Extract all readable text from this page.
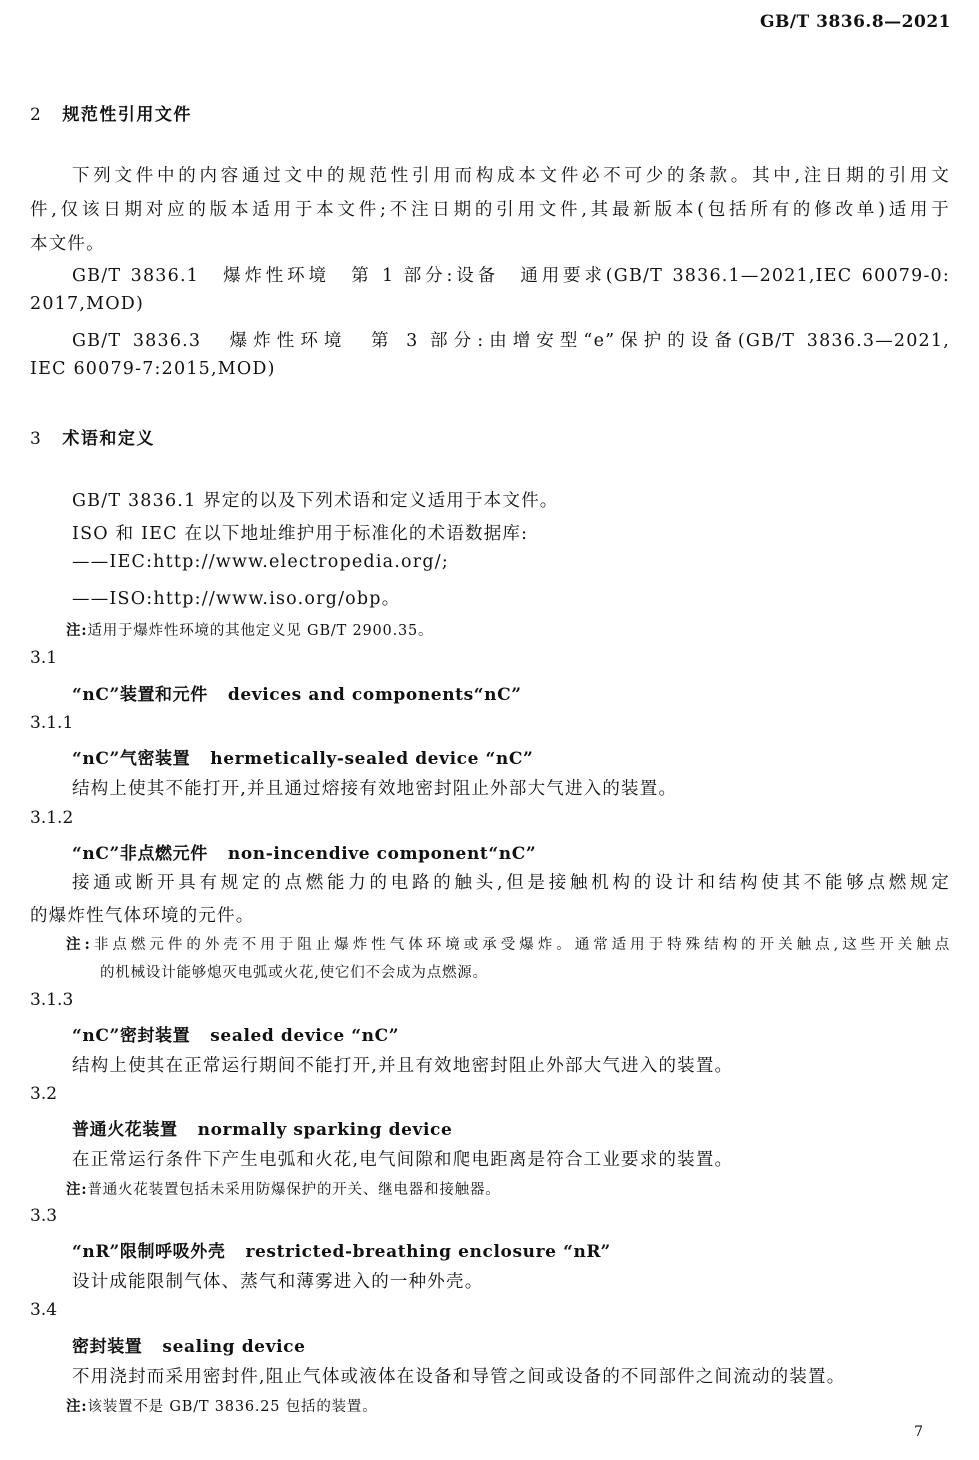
GB/T 3836.8—2021
2 规范性引用文件
下列文件中的内容通过文中的规范性引用而构成本文件必不可少的条款。其中,注日期的引用文
件,仅该日期对应的版本适用于本文件;不注日期的引用文件,其最新版本(包括所有的修改单)适用于
本文件。
GB/T 3836.1　爆炸性环境　第 1 部分:设备　通用要求(GB/T 3836.1—2021,IEC 60079-0:
2017,MOD)
GB/T 3836.3　爆炸性环境　第 3 部分:由增安型“e”保护的设备(GB/T 3836.3—2021,
IEC 60079-7:2015,MOD)
3 术语和定义
GB/T 3836.1 界定的以及下列术语和定义适用于本文件。
ISO 和 IEC 在以下地址维护用于标准化的术语数据库:
——IEC:http://www.electropedia.org/;
——ISO:http://www.iso.org/obp。
注:适用于爆炸性环境的其他定义见 GB/T 2900.35。
3.1
“nC”装置和元件 devices and components“nC”
3.1.1
“nC”气密装置 hermetically-sealed device “nC”
结构上使其不能打开,并且通过熔接有效地密封阻止外部大气进入的装置。
3.1.2
“nC”非点燃元件 non-incendive component“nC”
接通或断开具有规定的点燃能力的电路的触头,但是接触机构的设计和结构使其不能够点燃规定
的爆炸性气体环境的元件。
注:非点燃元件的外壳不用于阻止爆炸性气体环境或承受爆炸。通常适用于特殊结构的开关触点,这些开关触点
的机械设计能够熄灭电弧或火花,使它们不会成为点燃源。
3.1.3
“nC”密封装置 sealed device “nC”
结构上使其在正常运行期间不能打开,并且有效地密封阻止外部大气进入的装置。
3.2
普通火花装置 normally sparking device
在正常运行条件下产生电弧和火花,电气间隙和爬电距离是符合工业要求的装置。
注:普通火花装置包括未采用防爆保护的开关、继电器和接触器。
3.3
“nR”限制呼吸外壳 restricted-breathing enclosure “nR”
设计成能限制气体、蒸气和薄雾进入的一种外壳。
3.4
密封装置 sealing device
不用浇封而采用密封件,阻止气体或液体在设备和导管之间或设备的不同部件之间流动的装置。
注:该装置不是 GB/T 3836.25 包括的装置。
7
